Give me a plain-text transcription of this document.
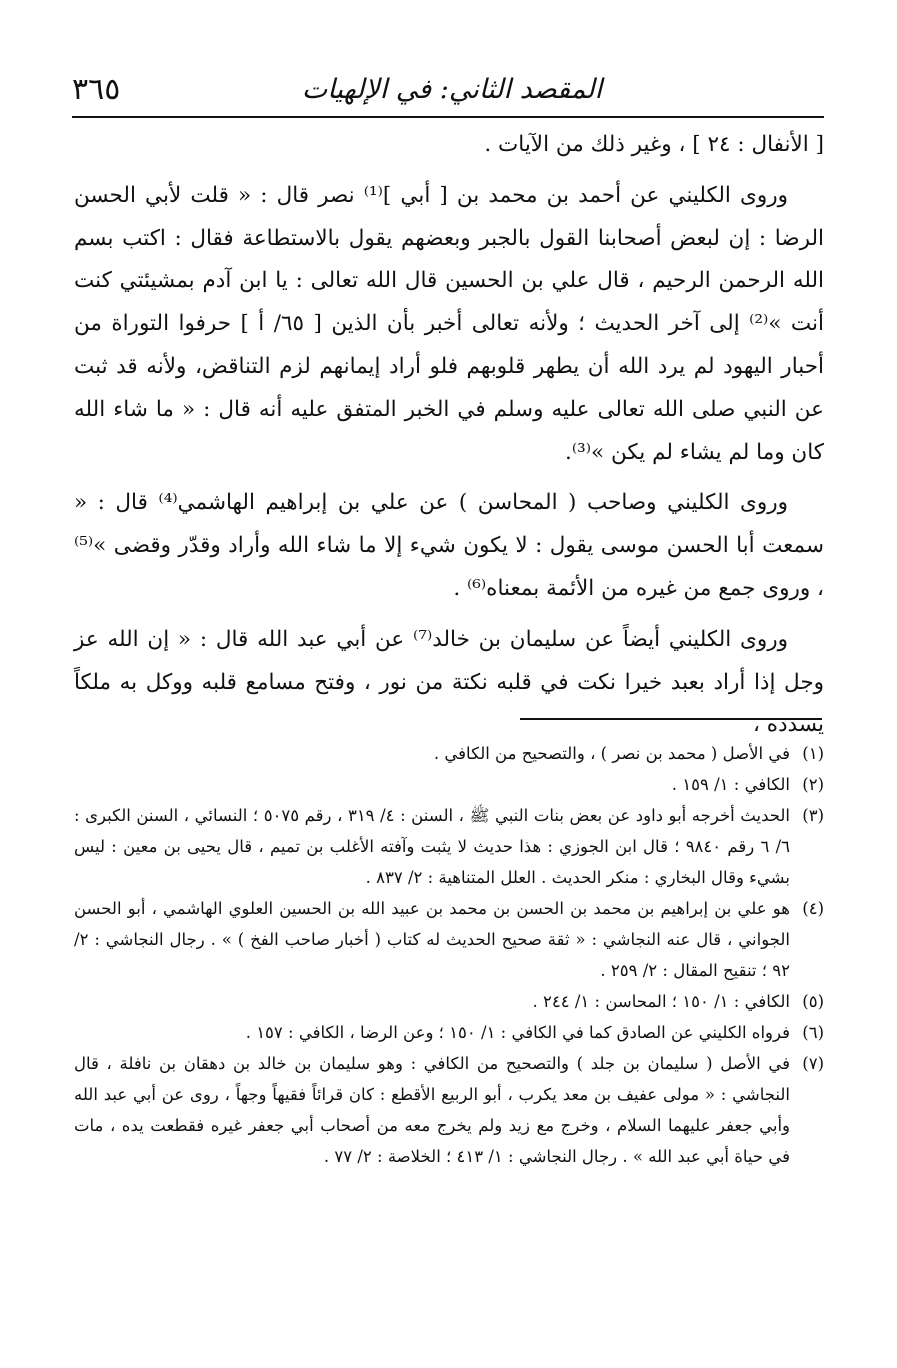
٣٦٥	المقصد الثاني: في الإلهيات

[ الأنفال : ٢٤ ] ، وغير ذلك من الآيات .

وروى الكليني عن أحمد بن محمد بن [ أبي ]⁽¹⁾ نصر قال : « قلت لأبي الحسن الرضا : إن لبعض أصحابنا القول بالجبر وبعضهم يقول بالاستطاعة فقال : اكتب بسم الله الرحمن الرحيم ، قال علي بن الحسين قال الله تعالى : يا ابن آدم بمشيئتي كنت أنت »⁽²⁾ إلى آخر الحديث ؛ ولأنه تعالى أخبر بأن الذين [ ٦٥/ أ ] حرفوا التوراة من أحبار اليهود لم يرد الله أن يطهر قلوبهم فلو أراد إيمانهم لزم التناقض، ولأنه قد ثبت عن النبي صلى الله تعالى عليه وسلم في الخبر المتفق عليه أنه قال : « ما شاء الله كان وما لم يشاء لم يكن »⁽³⁾.

وروى الكليني وصاحب ( المحاسن ) عن علي بن إبراهيم الهاشمي⁽⁴⁾ قال : « سمعت أبا الحسن موسى يقول : لا يكون شيء إلا ما شاء الله وأراد وقدّر وقضى »⁽⁵⁾ ، وروى جمع من غيره من الأئمة بمعناه⁽⁶⁾ .

وروى الكليني أيضاً عن سليمان بن خالد⁽⁷⁾ عن أبي عبد الله قال : « إن الله عز وجل إذا أراد بعبد خيرا نكت في قلبه نكتة من نور ، وفتح مسامع قلبه ووكل به ملكاً يسدده ،

(١)
في الأصل ( محمد بن نصر ) ، والتصحيح من الكافي .
(٢)
الكافي : ١/ ١٥٩ .
(٣)
الحديث أخرجه أبو داود عن بعض بنات النبي ﷺ ، السنن : ٤/ ٣١٩ ، رقم ٥٠٧٥ ؛ النسائي ، السنن الكبرى : ٦/ ٦ رقم ٩٨٤٠ ؛ قال ابن الجوزي : هذا حديث لا يثبت وآفته الأغلب بن تميم ، قال يحيى بن معين : ليس بشيء وقال البخاري : منكر الحديث . العلل المتناهية : ٢/ ٨٣٧ .
(٤)
هو علي بن إبراهيم بن محمد بن الحسن بن محمد بن عبيد الله بن الحسين العلوي الهاشمي ، أبو الحسن الجواني ، قال عنه النجاشي : « ثقة صحيح الحديث له كتاب ( أخبار صاحب الفخ ) » . رجال النجاشي : ٢/ ٩٢ ؛ تنقيح المقال : ٢/ ٢٥٩ .
(٥)
الكافي : ١/ ١٥٠ ؛ المحاسن : ١/ ٢٤٤ .
(٦)
فرواه الكليني عن الصادق كما في الكافي : ١/ ١٥٠ ؛ وعن الرضا ، الكافي : ١٥٧ .
(٧)
في الأصل ( سليمان بن جلد ) والتصحيح من الكافي : وهو سليمان بن خالد بن دهقان بن نافلة ، قال النجاشي : « مولى عفيف بن معد يكرب ، أبو الربيع الأقطع : كان قرائاً فقيهاً وجهاً ، روى عن أبي عبد الله وأبي جعفر عليهما السلام ، وخرج مع زيد ولم يخرج معه من أصحاب أبي جعفر غيره فقطعت يده ، مات في حياة أبي عبد الله » . رجال النجاشي : ١/ ٤١٣ ؛ الخلاصة : ٢/ ٧٧ .
